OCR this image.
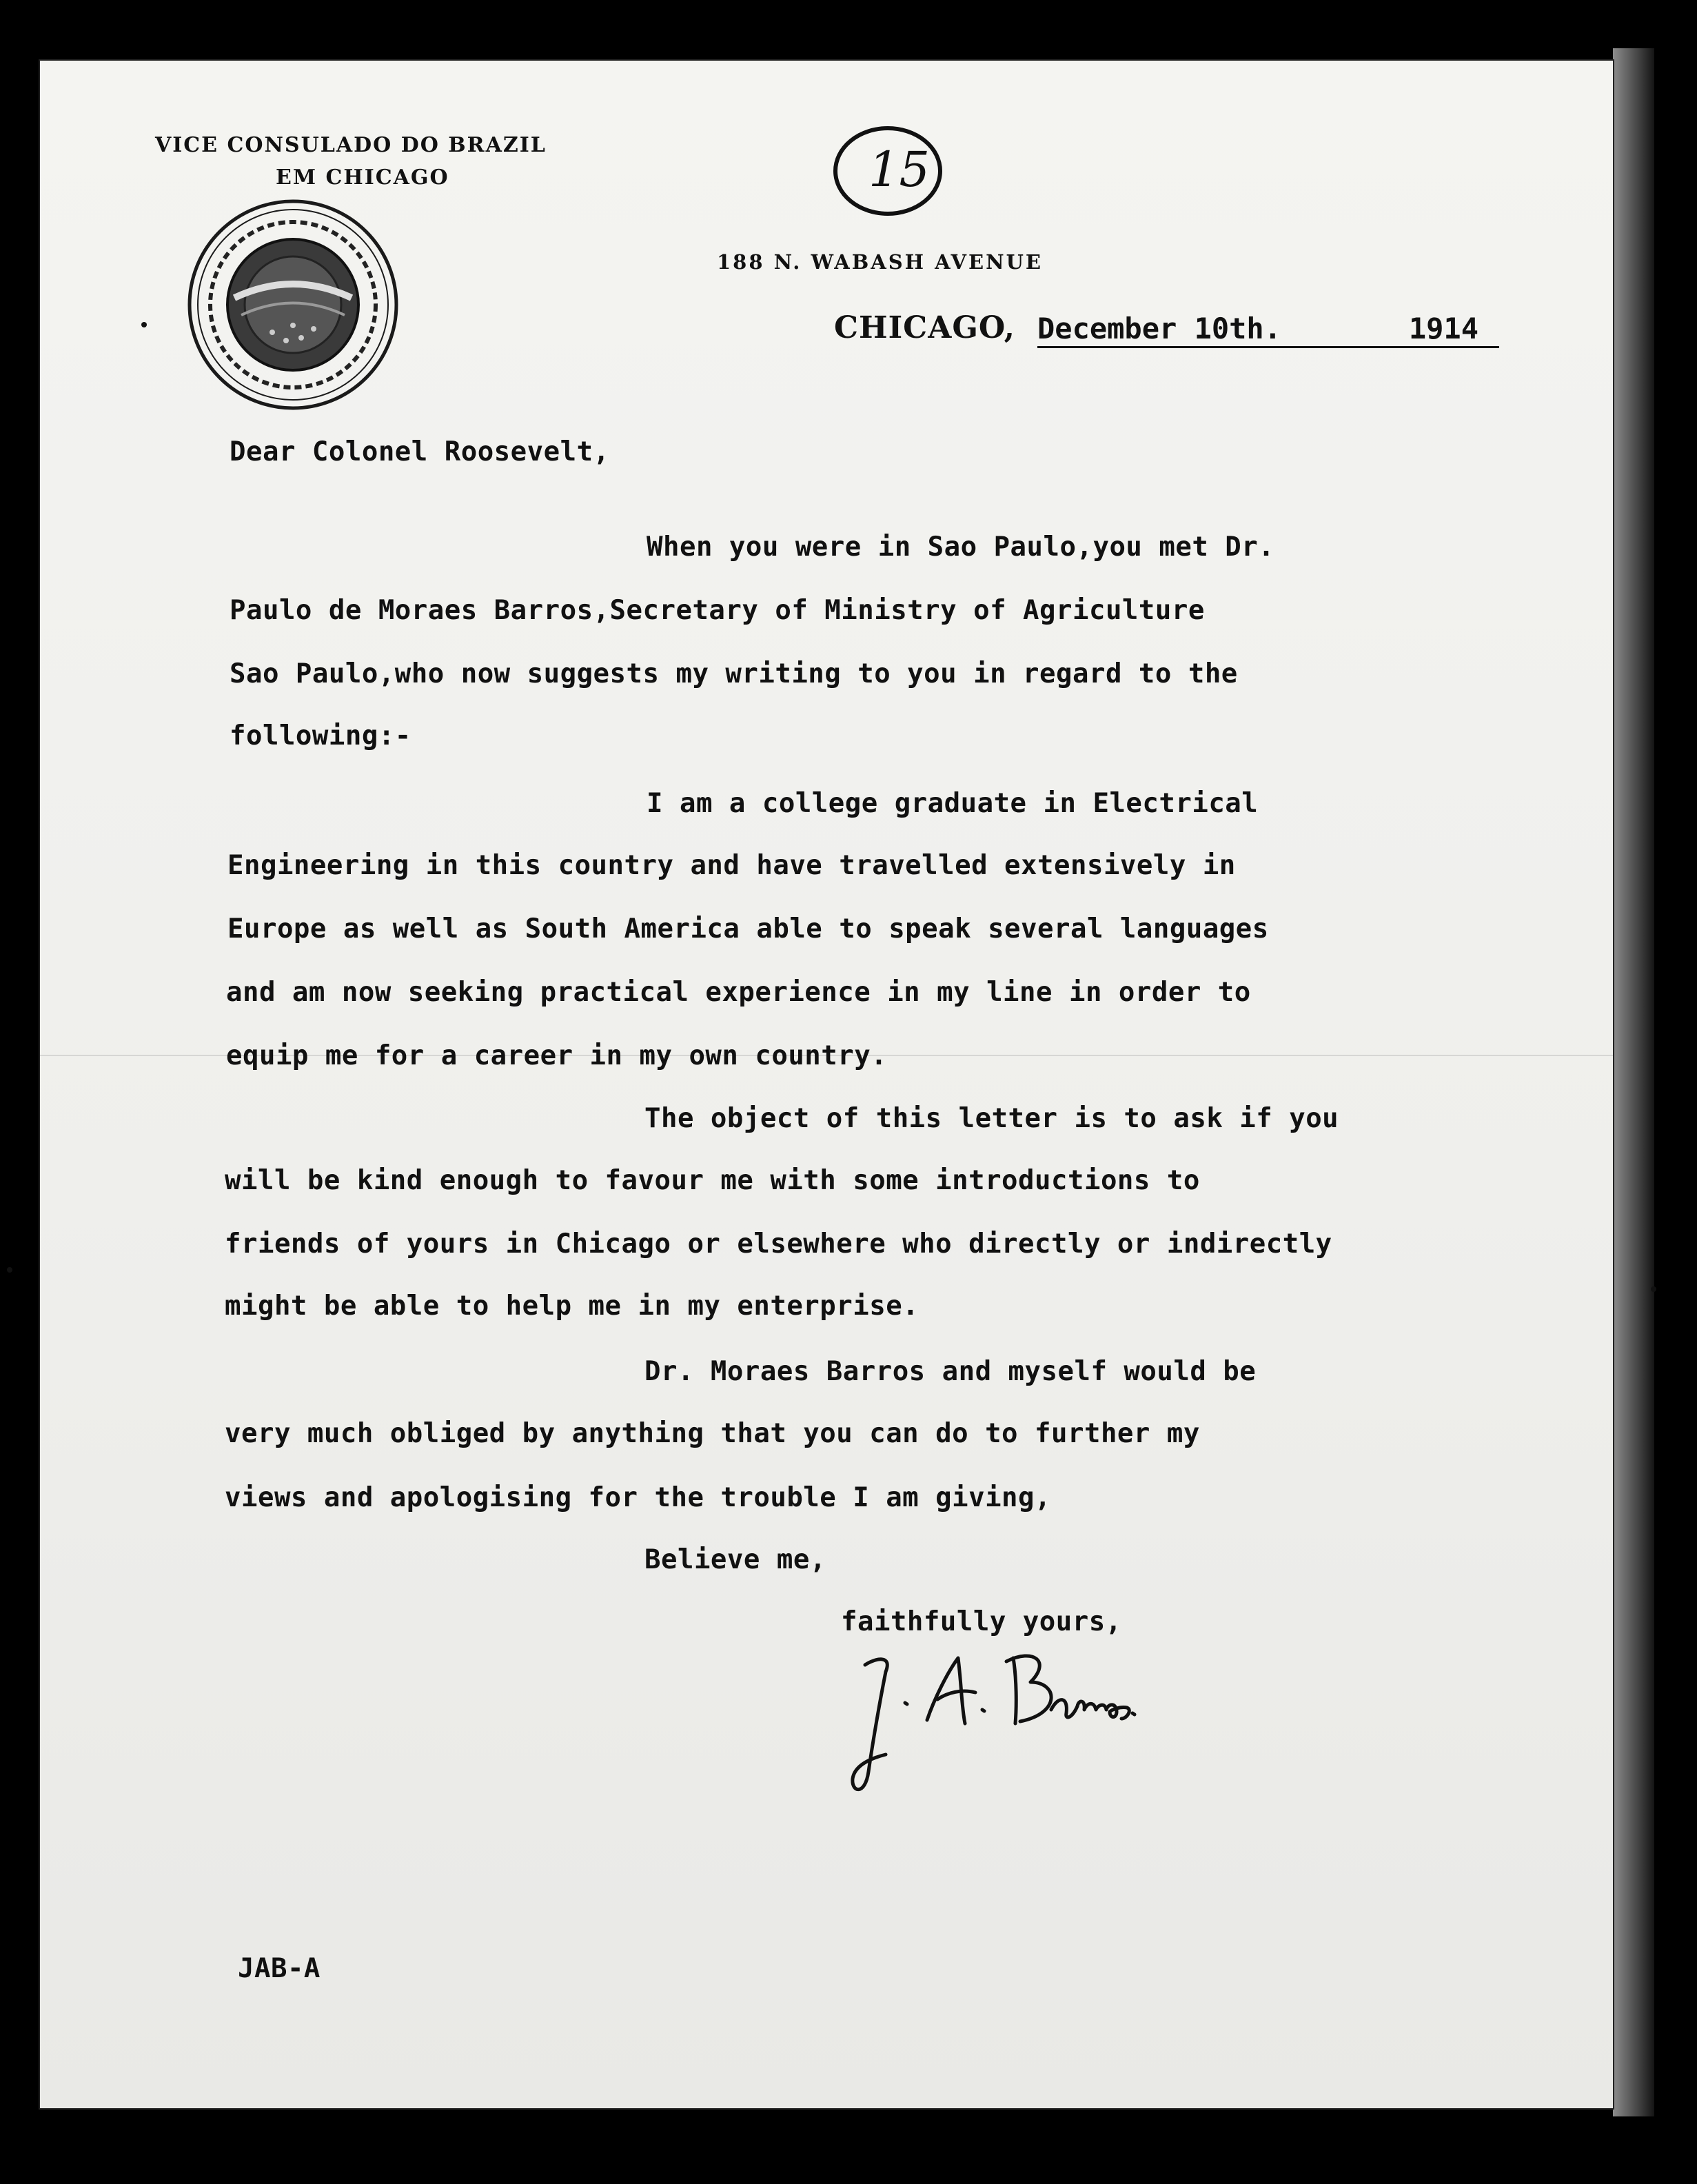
VICE CONSULADO DO BRAZIL
EM CHICAGO	15
188 N. WABASH AVENUE
CHICAGO, December 10th.	1914
Dear Colonel Roosevelt,
When you were in Sao Paulo,you met Dr.
Paulo de Moraes Barros,Secretary of Ministry of Agriculture
Sao Paulo,who now suggests my writing to you in regard to the
following:-
I am a college graduate in Electrical
Engineering in this country and have travelled extensively in
Europe as well as South America able to speak several languages
and am now seeking practical experience in my line in order to
equip me for a career in my own country.
The object of this letter is to ask if you
will be kind enough to favour me with some introductions to
friends of yours in Chicago or elsewhere who directly or indirectly
might be able to help me in my enterprise.
Dr. Moraes Barros and myself would be
very much obliged by anything that you can do to further my
views and apologising for the trouble I am giving,
Believe me,
faithfully yours,
JAB-A
